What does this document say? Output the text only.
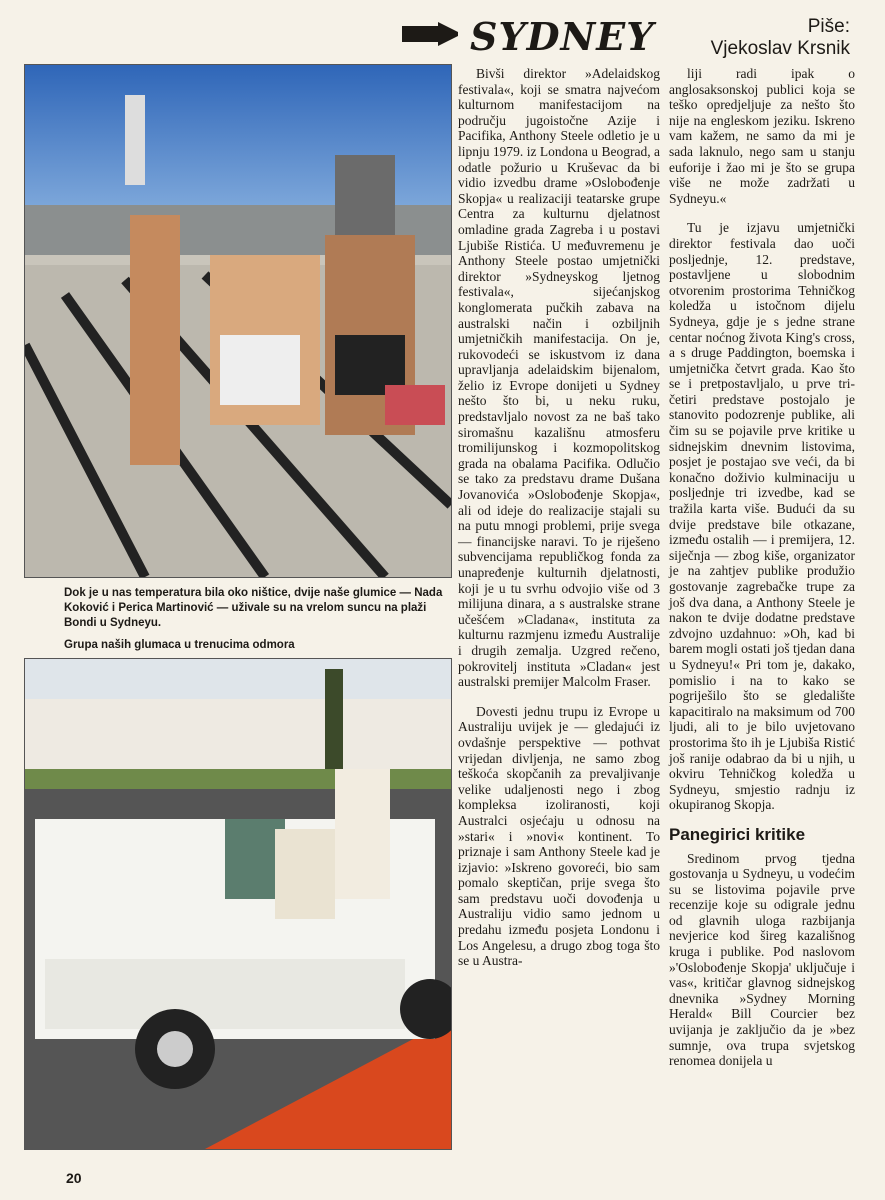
SYDNEY	Piše:
Vjekoslav Krsnik
Dok je u nas temperatura bila oko ništice, dvije naše glumice — Nada Koković i Perica Martinović — uživale su na vrelom suncu na plaži Bondi u Sydneyu.
Grupa naših glumaca u trenucima odmora

Bivši direktor »Adelaidskog festivala«, koji se smatra najvećom kulturnom manifestacijom na području jugoistočne Azije i Pacifika, Anthony Steele odletio je u lipnju 1979. iz Londona u Beograd, a odatle požurio u Kruševac da bi vidio izvedbu drame »Oslobođenje Skopja« u realizaciji teatarske grupe Centra za kulturnu djelatnost omladine grada Zagreba i u postavi Ljubiše Ristića. U međuvremenu je Anthony Steele postao umjetnički direktor »Sydneyskog ljetnog festivala«, sijećanjskog konglomerata pučkih zabava na australski način i ozbiljnih umjetničkih manifestacija. On je, rukovodeći se iskustvom iz dana upravljanja adelaidskim bijenalom, želio iz Evrope donijeti u Sydney nešto što bi, u neku ruku, predstavljalo novost za ne baš tako siromašnu kazališnu atmosferu tromilijunskog i kozmopolitskog grada na obalama Pacifika. Odlučio se tako za predstavu drame Dušana Jovanovića »Oslobođenje Skopja«, ali od ideje do realizacije stajali su na putu mnogi problemi, prije svega — financijske naravi. To je riješeno subvencijama republičkog fonda za unapređenje kulturnih djelatnosti, koji je u tu svrhu odvojio više od 3 milijuna dinara, a s australske strane učešćem »Cladana«, instituta za kulturnu razmjenu između Australije i drugih zemalja. Uzgred rečeno, pokrovitelj instituta »Cladan« jest australski premijer Malcolm Fraser.

Dovesti jednu trupu iz Evrope u Australiju uvijek je — gledajući iz ovdašnje perspektive — pothvat vrijedan divljenja, ne samo zbog teškoća skopčanih za prevaljivanje velike udaljenosti nego i zbog kompleksa izoliranosti, koji Australci osjećaju u odnosu na »stari« i »novi« kontinent. To priznaje i sam Anthony Steele kad je izjavio: »Iskreno govoreći, bio sam pomalo skeptičan, prije svega što sam predstavu uoči dovođenja u Australiju vidio samo jednom u predahu između posjeta Londonu i Los Angelesu, a drugo zbog toga što se u Austra-

liji radi ipak o anglosaksonskoj publici koja se teško opredjeljuje za nešto što nije na engleskom jeziku. Iskreno vam kažem, ne samo da mi je sada laknulo, nego sam u stanju euforije i žao mi je što se grupa više ne može zadržati u Sydneyu.«

Tu je izjavu umjetnički direktor festivala dao uoči posljednje, 12. predstave, postavljene u slobodnim otvorenim prostorima Tehničkog koledža u istočnom dijelu Sydneya, gdje je s jedne strane centar noćnog života King's cross, a s druge Paddington, boemska i umjetnička četvrt grada. Kao što se i pretpostavljalo, u prve tri-četiri predstave postojalo je stanovito podozrenje publike, ali čim su se pojavile prve kritike u sidnejskim dnevnim listovima, posjet je postajao sve veći, da bi konačno doživio kulminaciju u posljednje tri izvedbe, kad se tražila karta više. Budući da su dvije predstave bile otkazane, između ostalih — i premijera, 12. siječnja — zbog kiše, organizator je na zahtjev publike produžio gostovanje zagrebačke trupe za još dva dana, a Anthony Steele je nakon te dvije dodatne predstave zdvojno uzdahnuo: »Oh, kad bi barem mogli ostati još tjedan dana u Sydneyu!« Pri tom je, dakako, pomislio i na to kako se pogriješilo što se gledalište kapacitiralo na maksimum od 700 ljudi, ali to je bilo uvjetovano prostorima što ih je Ljubiša Ristić još ranije odabrao da bi u njih, u okviru Tehničkog koledža u Sydneyu, smjestio radnju iz okupiranog Skopja.

Panegirici kritike

Sredinom prvog tjedna gostovanja u Sydneyu, u vodećim su se listovima pojavile prve recenzije koje su odigrale jednu od glavnih uloga razbijanja nevjerice kod šireg kazališnog kruga i publike. Pod naslovom »'Oslobođenje Skopja' uključuje i vas«, kritičar glavnog sidnejskog dnevnika »Sydney Morning Herald« Bill Courcier bez uvijanja je zaključio da je »bez sumnje, ova trupa svjetskog renomea donijela u

20
